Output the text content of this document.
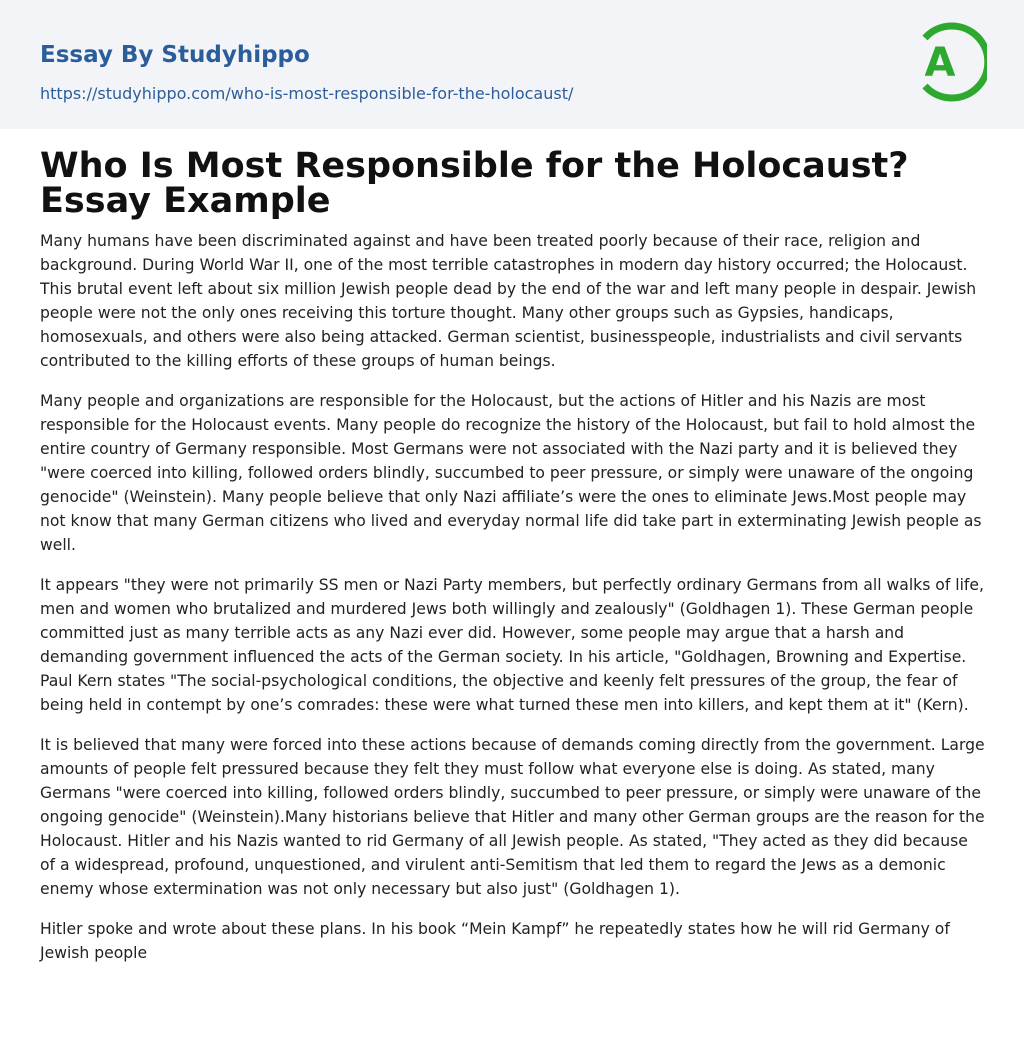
Essay By Studyhippo
https://studyhippo.com/who-is-most-responsible-for-the-holocaust/
A
Who Is Most Responsible for the Holocaust? Essay Example

Many humans have been discriminated against and have been treated poorly because of their race, religion and background. During World War II, one of the most terrible catastrophes in modern day history occurred; the Holocaust. This brutal event left about six million Jewish people dead by the end of the war and left many people in despair. Jewish people were not the only ones receiving this torture thought. Many other groups such as Gypsies, handicaps, homosexuals, and others were also being attacked. German scientist, businesspeople, industrialists and civil servants contributed to the killing efforts of these groups of human beings.

Many people and organizations are responsible for the Holocaust, but the actions of Hitler and his Nazis are most responsible for the Holocaust events. Many people do recognize the history of the Holocaust, but fail to hold almost the entire country of Germany responsible. Most Germans were not associated with the Nazi party and it is believed they "were coerced into killing, followed orders blindly, succumbed to peer pressure, or simply were unaware of the ongoing genocide" (Weinstein). Many people believe that only Nazi affiliate’s were the ones to eliminate Jews.Most people may not know that many German citizens who lived and everyday normal life did take part in exterminating Jewish people as well.

It appears "they were not primarily SS men or Nazi Party members, but perfectly ordinary Germans from all walks of life, men and women who brutalized and murdered Jews both willingly and zealously" (Goldhagen 1). These German people committed just as many terrible acts as any Nazi ever did. However, some people may argue that a harsh and demanding government influenced the acts of the German society. In his article, "Goldhagen, Browning and Expertise. Paul Kern states "The social-psychological conditions, the objective and keenly felt pressures of the group, the fear of being held in contempt by one’s comrades: these were what turned these men into killers, and kept them at it" (Kern).

It is believed that many were forced into these actions because of demands coming directly from the government. Large amounts of people felt pressured because they felt they must follow what everyone else is doing. As stated, many Germans "were coerced into killing, followed orders blindly, succumbed to peer pressure, or simply were unaware of the ongoing genocide" (Weinstein).Many historians believe that Hitler and many other German groups are the reason for the Holocaust. Hitler and his Nazis wanted to rid Germany of all Jewish people. As stated, "They acted as they did because of a widespread, profound, unquestioned, and virulent anti-Semitism that led them to regard the Jews as a demonic enemy whose extermination was not only necessary but also just" (Goldhagen 1).

Hitler spoke and wrote about these plans. In his book “Mein Kampf” he repeatedly states how he will rid Germany of Jewish people
